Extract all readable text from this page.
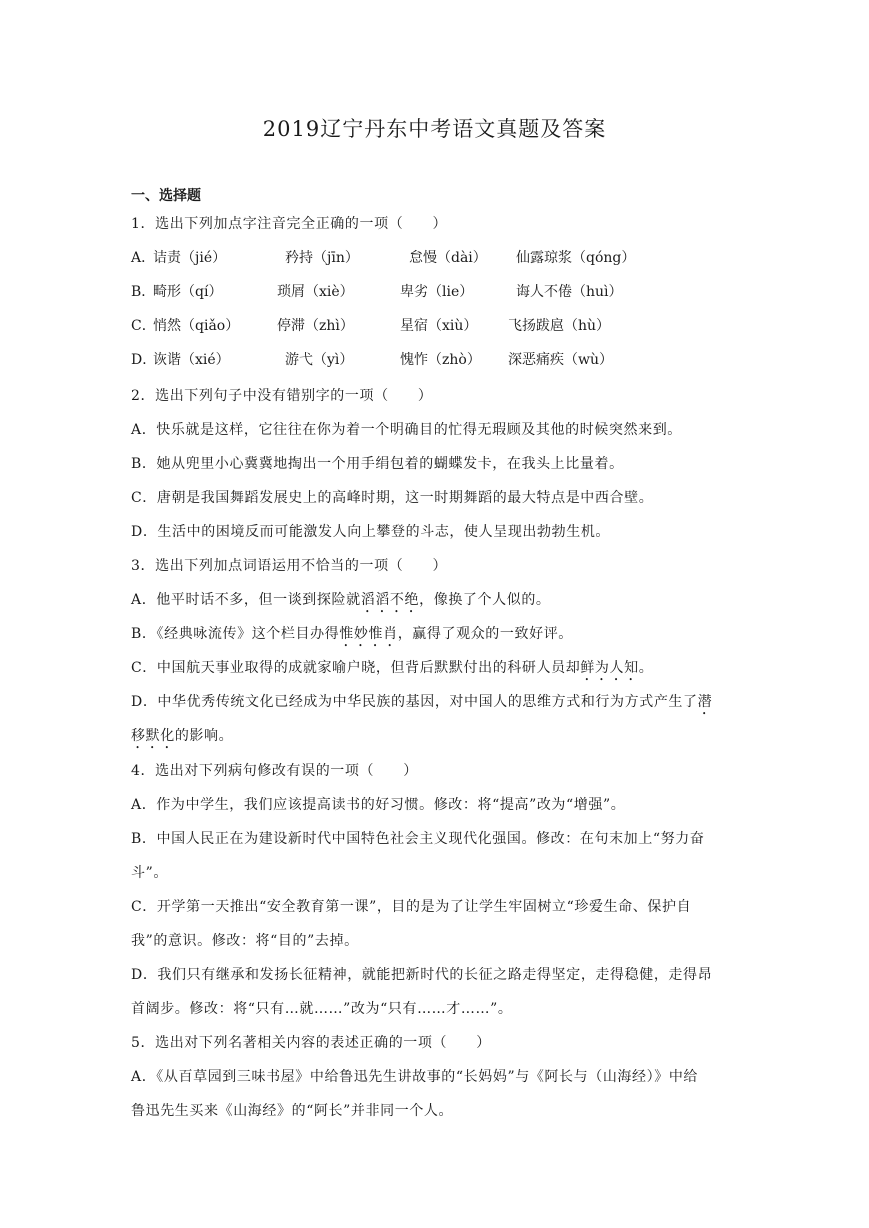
2019辽宁丹东中考语文真题及答案
一、选择题
1．选出下列加点字注音完全正确的一项（　　）
A．
诘责（jié）	矜持（jīn）	怠慢（dài） 仙露琼浆（qóng）
B．
畸形（qí）	琐屑（xiè）	卑劣（lie）	诲人不倦（huì）
C．
悄然（qiǎo）	停滞（zhì）	星宿（xiù） 飞扬跋扈（hù）
D．
诙谐（xié）	游弋（yì）	愧怍（zhò） 深恶痛疾（wù）
2．选出下列句子中没有错别字的一项（　　）
A．快乐就是这样，它往往在你为着一个明确目的忙得无瑕顾及其他的时候突然来到。
B．她从兜里小心冀冀地掏出一个用手绢包着的蝴蝶发卡，在我头上比量着。
C．唐朝是我国舞蹈发展史上的高峰时期，这一时期舞蹈的最大特点是中西合壁。
D．生活中的困境反而可能激发人向上攀登的斗志，使人呈现出勃勃生机。
3．选出下列加点词语运用不恰当的一项（　　）
A．他平时话不多，但一谈到探险就滔滔不绝，像换了个人似的。
B．《经典咏流传》这个栏目办得惟妙惟肖，赢得了观众的一致好评。
C．中国航天事业取得的成就家喻户晓，但背后默默付出的科研人员却鲜为人知。
D．中华优秀传统文化已经成为中华民族的基因，对中国人的思维方式和行为方式产生了潜
移默化的影响。
4．选出对下列病句修改有误的一项（　　）
A．作为中学生，我们应该提高读书的好习惯。修改：将“提高”改为“增强”。
B．中国人民正在为建设新时代中国特色社会主义现代化强国。修改：在句末加上“努力奋
斗”。
C．开学第一天推出“安全教育第一课”，目的是为了让学生牢固树立“珍爱生命、保护自
我”的意识。修改：将“目的”去掉。
D．我们只有继承和发扬长征精神，就能把新时代的长征之路走得坚定，走得稳健，走得昂
首阔步。修改：将“只有…就……”改为“只有……才……”。
5．选出对下列名著相关内容的表述正确的一项（　　）
A．《从百草园到三味书屋》中给鲁迅先生讲故事的“长妈妈”与《阿长与（山海经）》中给
鲁迅先生买来《山海经》的“阿长”并非同一个人。
